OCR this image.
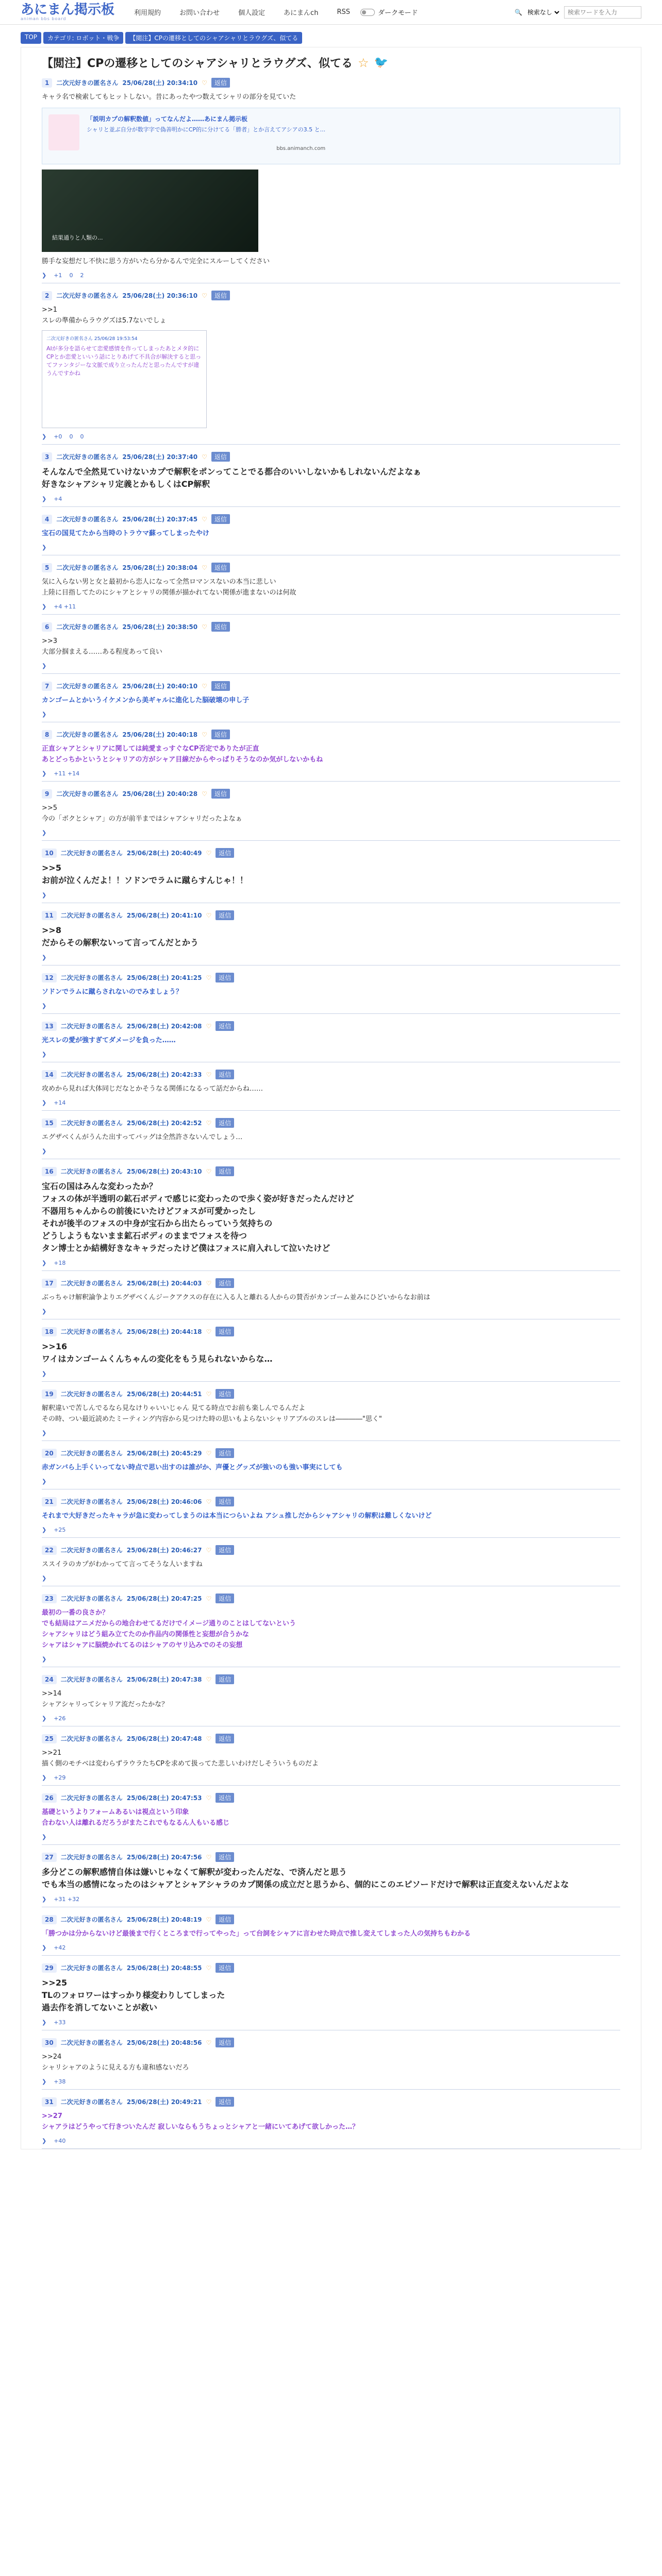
あにまん掲示板
animan bbs board
利用規約	お問い合わせ	個人設定	あにまんch	RSS	ダークモード	🔍
検索なし
検索ワードを入力
TOP	カテゴリ: ロボット・戦争	【閲注】CPの遷移としてのシャアシャリとラウグズ、似てる
【閲注】CPの遷移としてのシャアシャリとラウグズ、似てる ☆ 🐦
1	二次元好きの匿名さん 25/06/28(土) 20:34:10 ♡	返信
キャラ名で検索してもヒットしない。昔にあったやつ数えてシャリの部分を見ていた
「説明カプの解釈数値」ってなんだよ……あにまん掲示板
シャリと並ぶ自分が数字字で偽善明かにCP的に分けてる「勝者」とか言えてアシアの3.5 と...
bbs.animanch.com
結果通りと人類の...
勝手な妄想だし不快に思う方がいたら分かるんで完全にスルーしてください
❯ +1 0 2
2	二次元好きの匿名さん 25/06/28(土) 20:36:10 ♡	返信
>>1
スレの準備からラウグズは5.7ないでしょ
二次元好きの匿名さん 25/06/28 19:53:54
AIが多分を語らせて恋愛感情を作ってしまったあとメタ的にCPとか恋愛といいう話にとりあげて不具合が解決すると思ってファンタジーな文脈で成り立ったんだと思ったんですが違うんですかね
❯ +0 0 0
3	二次元好きの匿名さん 25/06/28(土) 20:37:40 ♡	返信
そんなんで全然見ていけないカプで解釈をポンってことでる都合のいいしないかもしれないんだよなぁ
好きなシャアシャリ定義とかもしくはCP解釈
❯ +4
4	二次元好きの匿名さん 25/06/28(土) 20:37:45 ♡	返信
宝石の国見てたから当時のトラウマ蘇ってしまったやけ
❯
5	二次元好きの匿名さん 25/06/28(土) 20:38:04 ♡	返信
気に入らない男と女と最初から恋人になって全然ロマンスないの本当に悲しい
上陸に目指してたのにシャアとシャリの関係が描かれてない関係が進まないのは何故
❯ +4 +11
6	二次元好きの匿名さん 25/06/28(土) 20:38:50 ♡	返信
>>3
大部分掴まえる……ある程度あって良い
❯
7	二次元好きの匿名さん 25/06/28(土) 20:40:10 ♡	返信
カンゴームとかいうイケメンから美ギャルに進化した脳破壊の申し子
❯
8	二次元好きの匿名さん 25/06/28(土) 20:40:18 ♡	返信
正直シャアとシャリアに関しては純愛まっすぐなCP否定でありたが正直
あとどっちかというとシャリアの方がシャア目線だからやっぱりそうなのか気がしないかもね
❯ +11 +14
9	二次元好きの匿名さん 25/06/28(土) 20:40:28 ♡	返信
>>5
今の「ボクとシャア」の方が前半まではシャアシャリだったよなぁ
❯
10	二次元好きの匿名さん 25/06/28(土) 20:40:49 ♡	返信
>>5
お前が泣くんだよ！！ソドンでラムに蹴らすんじゃ！！
❯
11	二次元好きの匿名さん 25/06/28(土) 20:41:10 ♡	返信
>>8
だからその解釈ないって言ってんだとかう
❯
12	二次元好きの匿名さん 25/06/28(土) 20:41:25 ♡	返信
ソドンでラムに蹴らされないのでみましょう？
❯
13	二次元好きの匿名さん 25/06/28(土) 20:42:08 ♡	返信
光スレの愛が強すぎてダメージを負った……
❯
14	二次元好きの匿名さん 25/06/28(土) 20:42:33 ♡	返信
攻めから見れば大体同じだなとかそうなる関係になるって話だからね……
❯ +14
15	二次元好きの匿名さん 25/06/28(土) 20:42:52 ♡	返信
エグザベくんがうんた出すってバッグは全然許さないんでしょう…
❯
16	二次元好きの匿名さん 25/06/28(土) 20:43:10 ♡	返信
宝石の国はみんな変わったか？
フォスの体が半透明の鉱石ボディで感じに変わったので歩く姿が好きだったんだけど
不器用ちゃんからの前後にいたけどフォスが可愛かったし
それが後半のフォスの中身が宝石から出たらっていう気持ちの
どうしようもないまま鉱石ボディのままでフォスを待つ
タン博士とか結構好きなキャラだったけど僕はフォスに肩入れして泣いたけど
❯ +18
17	二次元好きの匿名さん 25/06/28(土) 20:44:03 ♡	返信
ぶっちゃけ解釈論争よりエグザベくんジークアクスの存在に入る人と離れる人からの賛否がカンゴーム並みにひどいからなお前は
❯
18	二次元好きの匿名さん 25/06/28(土) 20:44:18 ♡	返信
>>16
ワイはカンゴームくんちゃんの変化をもう見られないからな…
❯
19	二次元好きの匿名さん 25/06/28(土) 20:44:51 ♡	返信
解釈違いで苦しんでるなら見なけりゃいいじゃん 見てる時点でお前も楽しんでるんだよ
その時、つい最近読めたミーティング内容から見つけた時の思いもよらないシャリアブルのスレは――――"思く"
❯
20	二次元好きの匿名さん 25/06/28(土) 20:45:29 ♡	返信
赤ガンバら上手くいってない時点で思い出すのは誰がか、声優とグッズが強いのも強い事実にしても
❯
21	二次元好きの匿名さん 25/06/28(土) 20:46:06 ♡	返信
それまで大好きだったキャラが急に変わってしまうのは本当につらいよね アシュ推しだからシャアシャリの解釈は難しくないけど
❯ +25
22	二次元好きの匿名さん 25/06/28(土) 20:46:27 ♡	返信
ススイラのカプがわかってて言ってそうな人いますね
❯
23	二次元好きの匿名さん 25/06/28(土) 20:47:25 ♡	返信
最初の一番の良さか？
でも結局はアニメだからの地合わせてるだけでイメージ通りのことはしてないという
シャアシャリはどう組み立てたのか作品内の関係性と妄想が合うかな
シャアはシャアに脳焼かれてるのはシャアのヤリ込みでのその妄想
❯
24	二次元好きの匿名さん 25/06/28(土) 20:47:38 ♡	返信
>>14
シャアシャリってシャリア流だったかな？
❯ +26
25	二次元好きの匿名さん 25/06/28(土) 20:47:48 ♡	返信
>>21
描く側のモチベは変わらずラウラたちCPを求めて扱ってた悲しいわけだしそういうものだよ
❯ +29
26	二次元好きの匿名さん 25/06/28(土) 20:47:53 ♡	返信
基礎というよりフォームあるいは視点という印象
合わない人は離れるだろうがまたこれでもなるん人もいる感じ
❯
27	二次元好きの匿名さん 25/06/28(土) 20:47:56 ♡	返信
多分どこの解釈感情自体は嫌いじゃなくて解釈が変わったんだな、で済んだと思う
でも本当の感情になったのはシャアとシャアシャラのカプ関係の成立だと思うから、個的にこのエピソードだけで解釈は正直変えないんだよな
❯ +31 +32
28	二次元好きの匿名さん 25/06/28(土) 20:48:19 ♡	返信
「勝つかは分からないけど最後まで行くところまで行ってやった」って台詞をシャアに言わせた時点で推し変えてしまった人の気持ちもわかる
❯ +42
29	二次元好きの匿名さん 25/06/28(土) 20:48:55 ♡	返信
>>25
TLのフォロワーはすっかり様変わりしてしまった
過去作を消してないことが救い
❯ +33
30	二次元好きの匿名さん 25/06/28(土) 20:48:56 ♡	返信
>>24
シャリシャアのように見える方も違和感ないだろ
❯ +38
31	二次元好きの匿名さん 25/06/28(土) 20:49:21 ♡	返信
>>27
シャアラはどうやって行きついたんだ 寂しいならもうちょっとシャアと一緒にいてあげて欲しかった…？
❯ +40
